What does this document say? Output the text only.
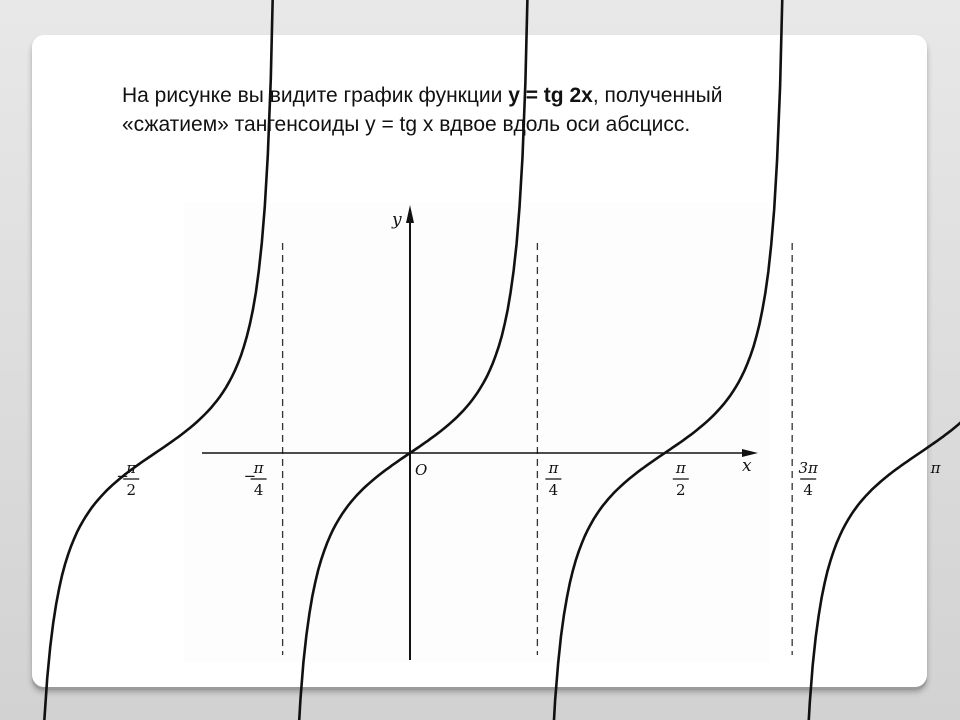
На рисунке вы видите график функции y = tg 2x, полученный
«сжатием» тангенсоиды y = tg x вдвое вдоль оси абсцисс.
x
y
O
−
π
2
−
π
4
π
4
π
2
3π
4
π
